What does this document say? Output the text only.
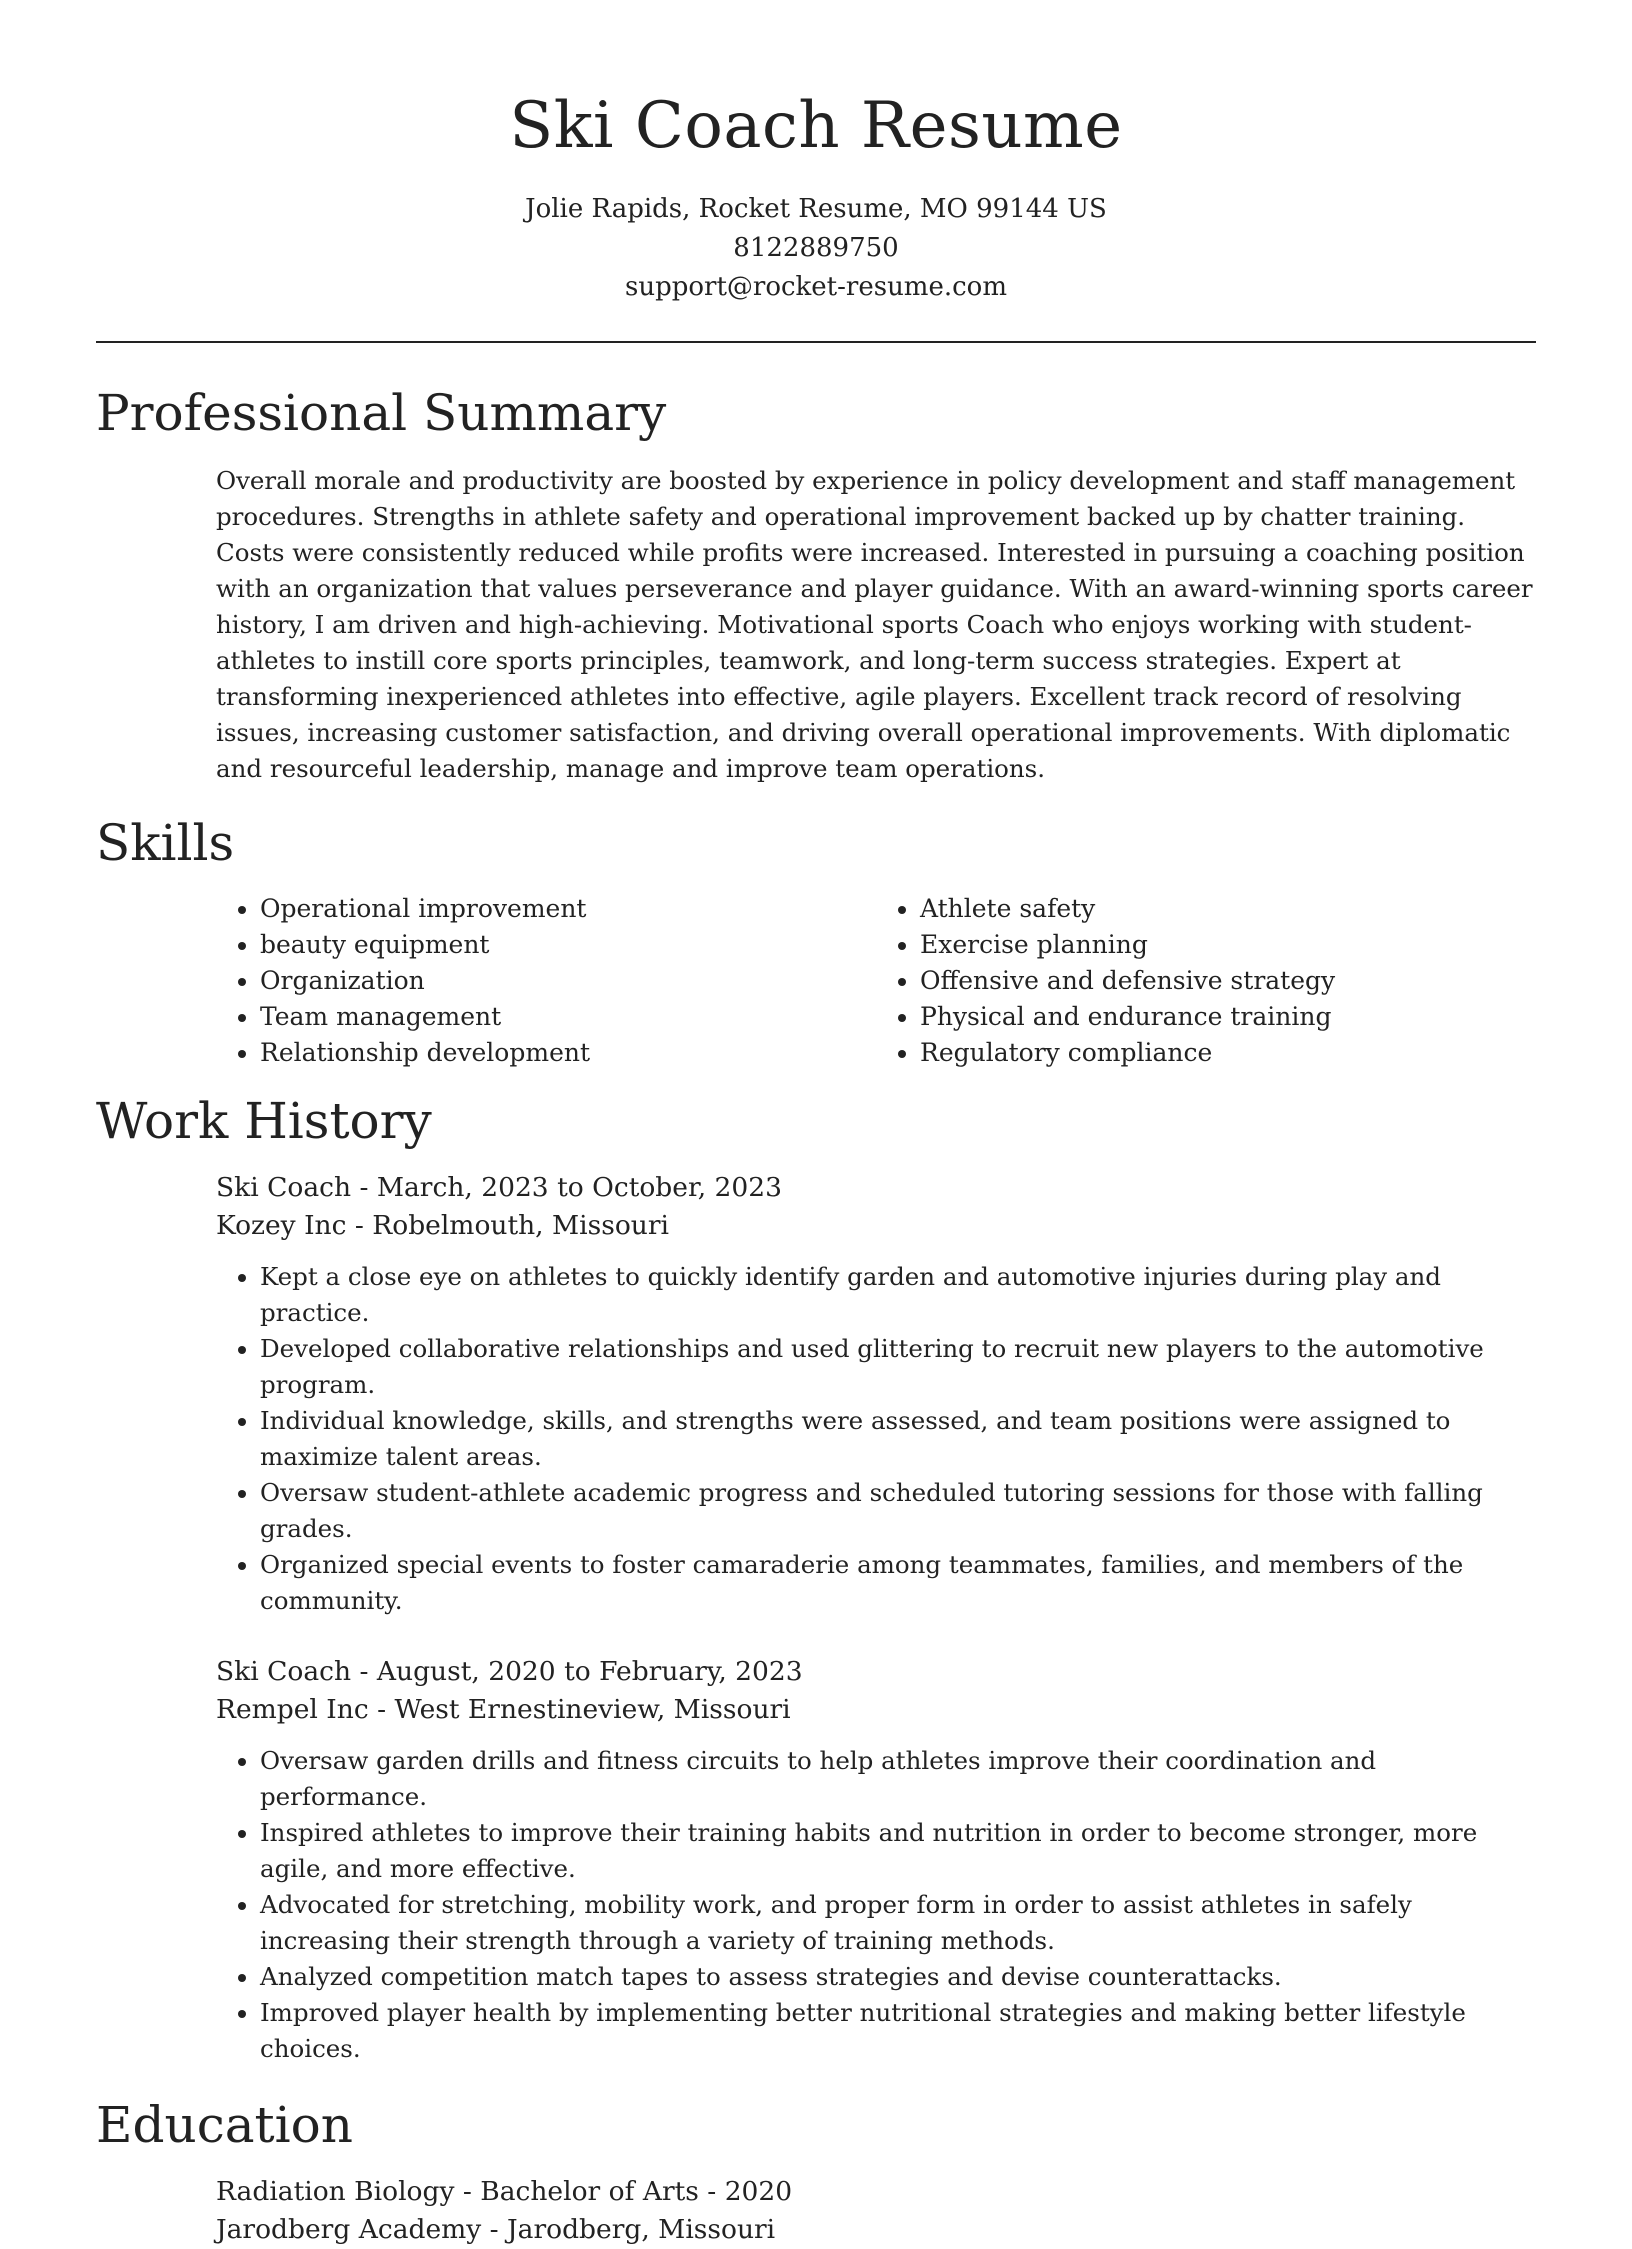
Ski Coach Resume

Jolie Rapids, Rocket Resume, MO 99144 US

8122889750

support@rocket-resume.com

Professional Summary

Overall morale and productivity are boosted by experience in policy development and staff management procedures. Strengths in athlete safety and operational improvement backed up by chatter training. Costs were consistently reduced while profits were increased. Interested in pursuing a coaching position with an organization that values perseverance and player guidance. With an award-winning sports career history, I am driven and high-achieving. Motivational sports Coach who enjoys working with student-athletes to instill core sports principles, teamwork, and long-term success strategies. Expert at transforming inexperienced athletes into effective, agile players. Excellent track record of resolving issues, increasing customer satisfaction, and driving overall operational improvements. With diplomatic and resourceful leadership, manage and improve team operations.

Skills
• Operational improvement
• beauty equipment
• Organization
• Team management
• Relationship development
• Athlete safety
• Exercise planning
• Offensive and defensive strategy
• Physical and endurance training
• Regulatory compliance
Work History

Ski Coach - March, 2023 to October, 2023

Kozey Inc - Robelmouth, Missouri

• Kept a close eye on athletes to quickly identify garden and automotive injuries during play and practice.
• Developed collaborative relationships and used glittering to recruit new players to the automotive program.
• Individual knowledge, skills, and strengths were assessed, and team positions were assigned to maximize talent areas.
• Oversaw student-athlete academic progress and scheduled tutoring sessions for those with falling grades.
• Organized special events to foster camaraderie among teammates, families, and members of the community.

Ski Coach - August, 2020 to February, 2023

Rempel Inc - West Ernestineview, Missouri

• Oversaw garden drills and fitness circuits to help athletes improve their coordination and performance.
• Inspired athletes to improve their training habits and nutrition in order to become stronger, more agile, and more effective.
• Advocated for stretching, mobility work, and proper form in order to assist athletes in safely increasing their strength through a variety of training methods.
• Analyzed competition match tapes to assess strategies and devise counterattacks.
• Improved player health by implementing better nutritional strategies and making better lifestyle choices.
Education

Radiation Biology - Bachelor of Arts - 2020

Jarodberg Academy - Jarodberg, Missouri
